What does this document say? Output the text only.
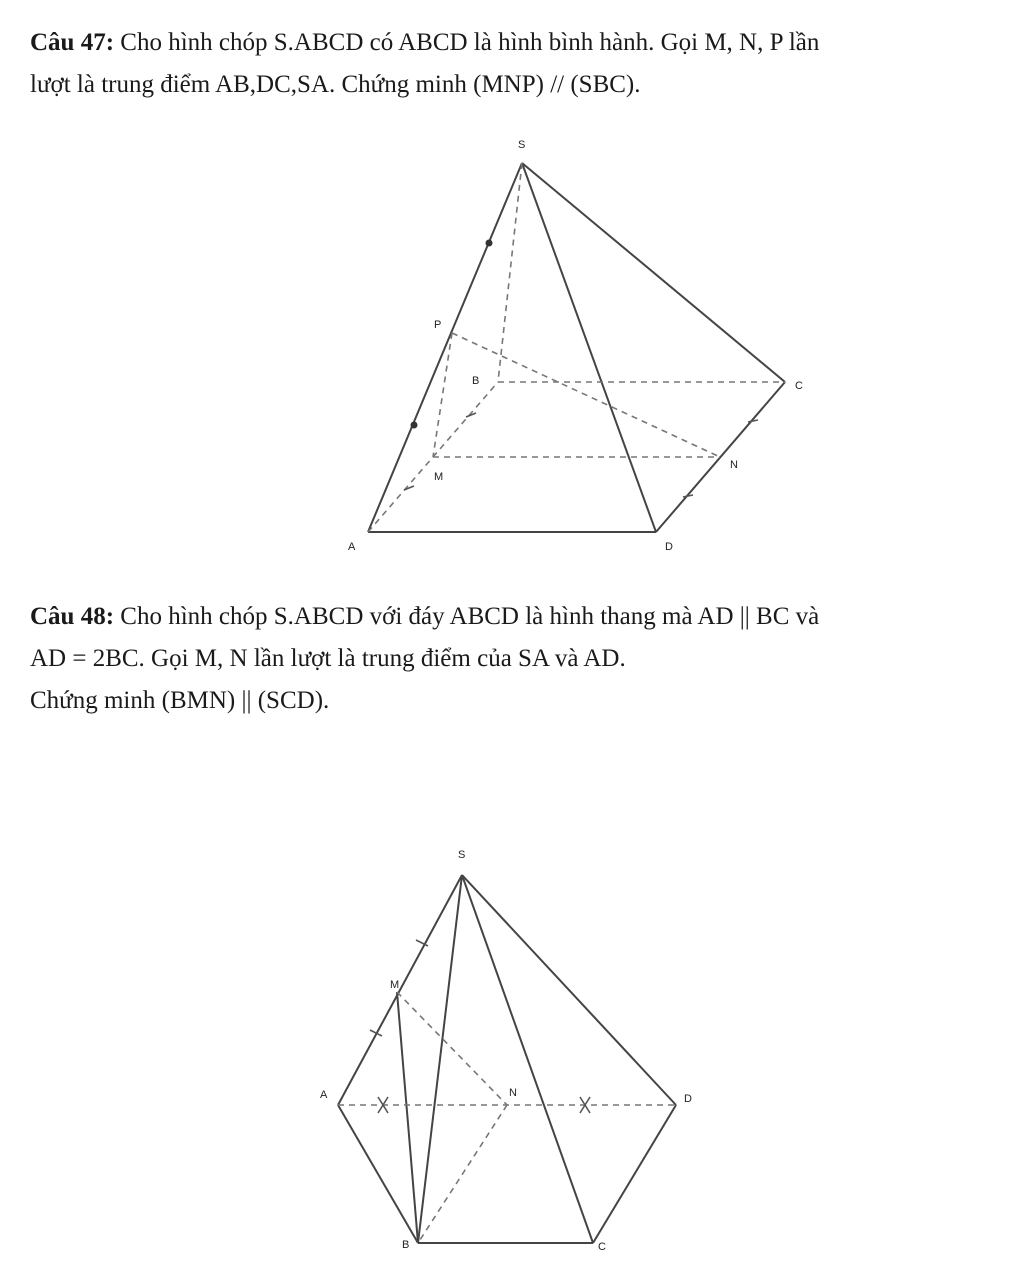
Câu 47: Cho hình chóp S.ABCD có ABCD là hình bình hành. Gọi M, N, P lần
lượt là trung điểm AB,DC,SA. Chứng minh (MNP) // (SBC).
S
P
B	C
M
N
A	D
Câu 48: Cho hình chóp S.ABCD với đáy ABCD là hình thang mà AD || BC và
AD = 2BC. Gọi M, N lần lượt là trung điểm của SA và AD.
Chứng minh (BMN) || (SCD).
S
M
A	N	D
B	C
